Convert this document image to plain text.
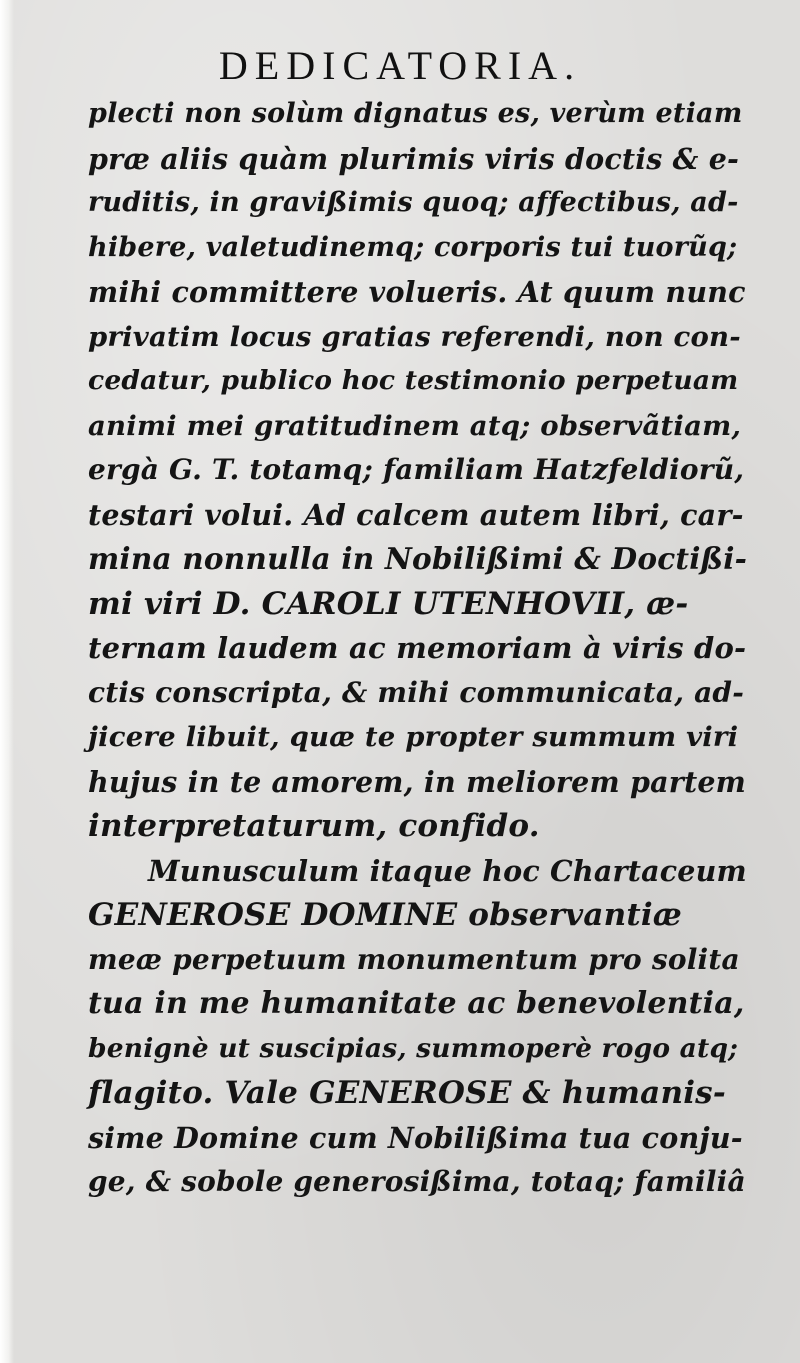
DEDICATORIA.
plecti non solùm dignatus es, verùm etiam
præ aliis quàm plurimis viris doctis & e-
ruditis, in gravißimis quoq; affectibus, ad-
hibere, valetudinemq; corporis tui tuorũq;
mihi committere volueris. At quum nunc
privatim locus gratias referendi, non con-
cedatur, publico hoc testimonio perpetuam
animi mei gratitudinem atq; observãtiam,
ergà G. T. totamq; familiam Hatzfeldiorũ,
testari volui. Ad calcem autem libri, car-
mina nonnulla in Nobilißimi & Doctißi-
mi viri D. CAROLI UTENHOVII, æ-
ternam laudem ac memoriam à viris do-
ctis conscripta, & mihi communicata, ad-
jicere libuit, quæ te propter summum viri
hujus in te amorem, in meliorem partem
interpretaturum, confido.
Munusculum itaque hoc Chartaceum
GENEROSE DOMINE observantiæ
meæ perpetuum monumentum pro solita
tua in me humanitate ac benevolentia,
benignè ut suscipias, summoperè rogo atq;
flagito. Vale GENEROSE & humanis-
sime Domine cum Nobilißima tua conju-
ge, & sobole generosißima, totaq; familiâ
